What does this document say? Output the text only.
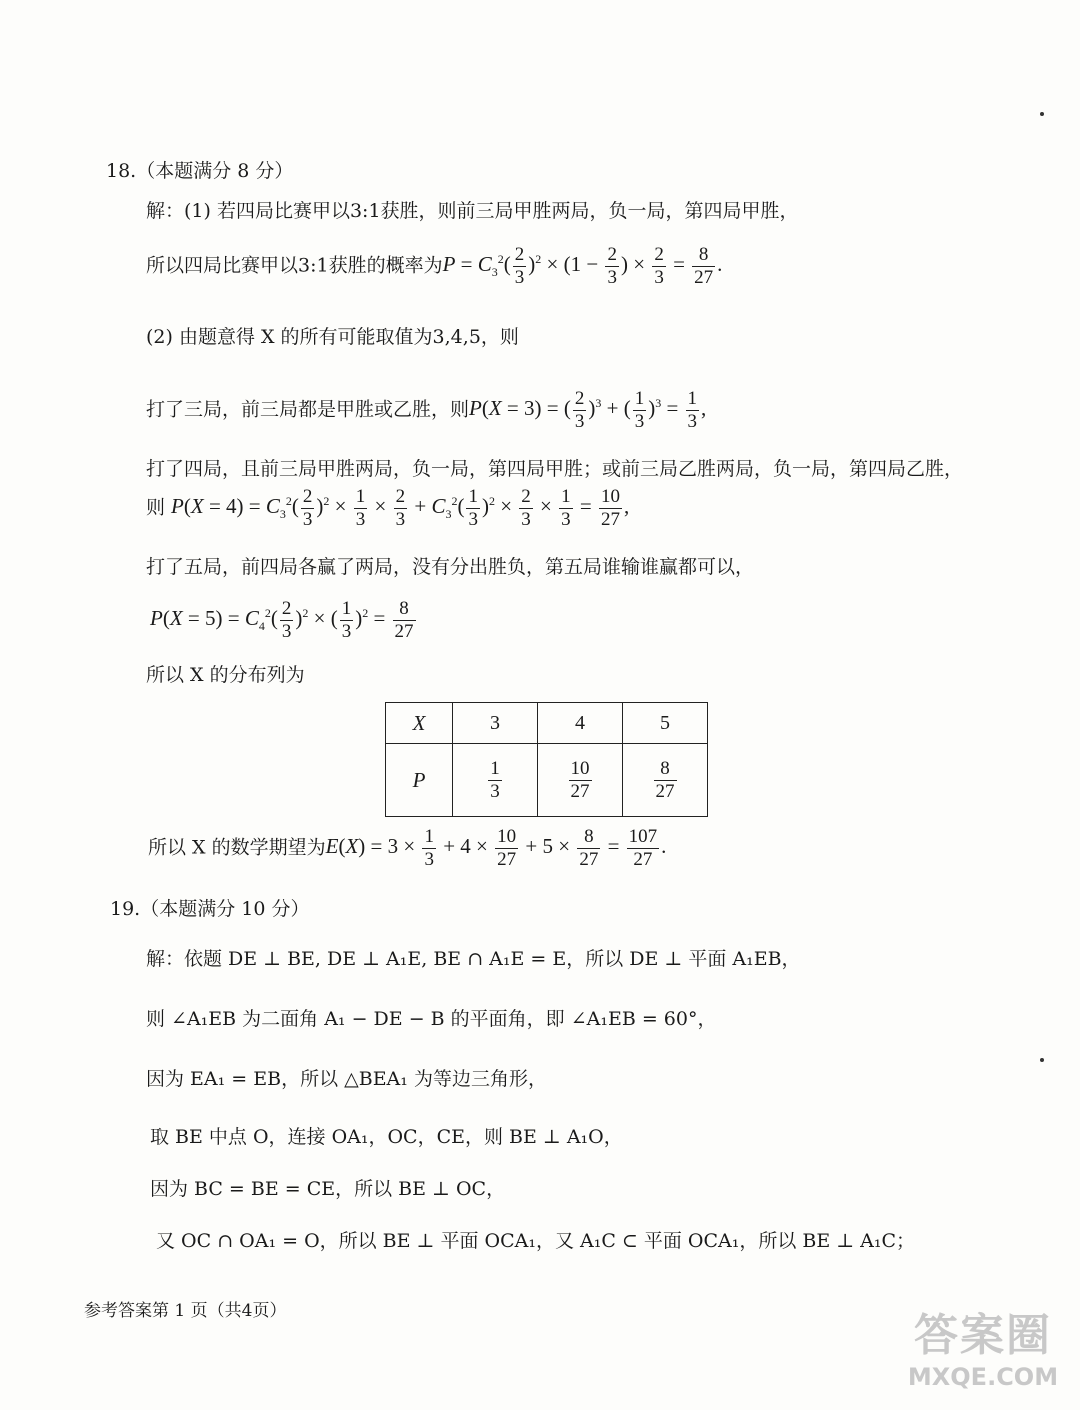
18.（本题满分 8 分）
解：(1) 若四局比赛甲以3:1获胜，则前三局甲胜两局，负一局，第四局甲胜，
所以四局比赛甲以3:1获胜的概率为$P = C_3^2( \frac{2}{3} )^2 \times (1 - \frac{2}{3}$ ) × $\frac{2}{3} = \frac{8}{27}$ .
(2) 由题意得 X 的所有可能取值为3,4,5，则
打了三局，前三局都是甲胜或乙胜，则P(X = 3) = ( $\frac{2}{3} )^3$ + ( $\frac{1}{3} )^3 = \frac{1}{3}$ ,
打了四局，且前三局甲胜两局，负一局，第四局甲胜；或前三局乙胜两局，负一局，第四局乙胜，
则 $P(X = 4) = C_3^2( \frac{2}{3} )^2 \times \frac{1}{3} \times \frac{2}{3} + C_3^2( \frac{1}{3} )^2 \times \frac{2}{3} \times \frac{1}{3} = \frac{10}{27}$ ,
打了五局，前四局各赢了两局，没有分出胜负，第五局谁输谁赢都可以，
$P(X = 5) = C_4^2( \frac{2}{3} )^2$ × ( $\frac{1}{3} )^2 = \frac{8}{27}$
所以 X 的分布列为
X	3	4	5
P	$\frac{1}{3}$	$\frac{10}{27}$	$\frac{8}{27}$
所以 X 的数学期望为$E(X) = 3 \times \frac{1}{3} + 4 \times \frac{10}{27} + 5 \times \frac{8}{27} = \frac{107}{27}$ .
19.（本题满分 10 分）
解：依题 DE ⊥ BE, DE ⊥ A₁E, BE ∩ A₁E = E，所以 DE ⊥ 平面 A₁EB，
则 ∠A₁EB 为二面角 A₁ − DE − B 的平面角，即 ∠A₁EB = 60°，
因为 EA₁ = EB，所以 △BEA₁ 为等边三角形，
取 BE 中点 O，连接 OA₁，OC，CE，则 BE ⊥ A₁O，
因为 BC = BE = CE，所以 BE ⊥ OC，
又 OC ∩ OA₁ = O，所以 BE ⊥ 平面 OCA₁，又 A₁C ⊂ 平面 OCA₁，所以 BE ⊥ A₁C；
参考答案第 1 页（共4页）	答案圈
MXQE.COM
